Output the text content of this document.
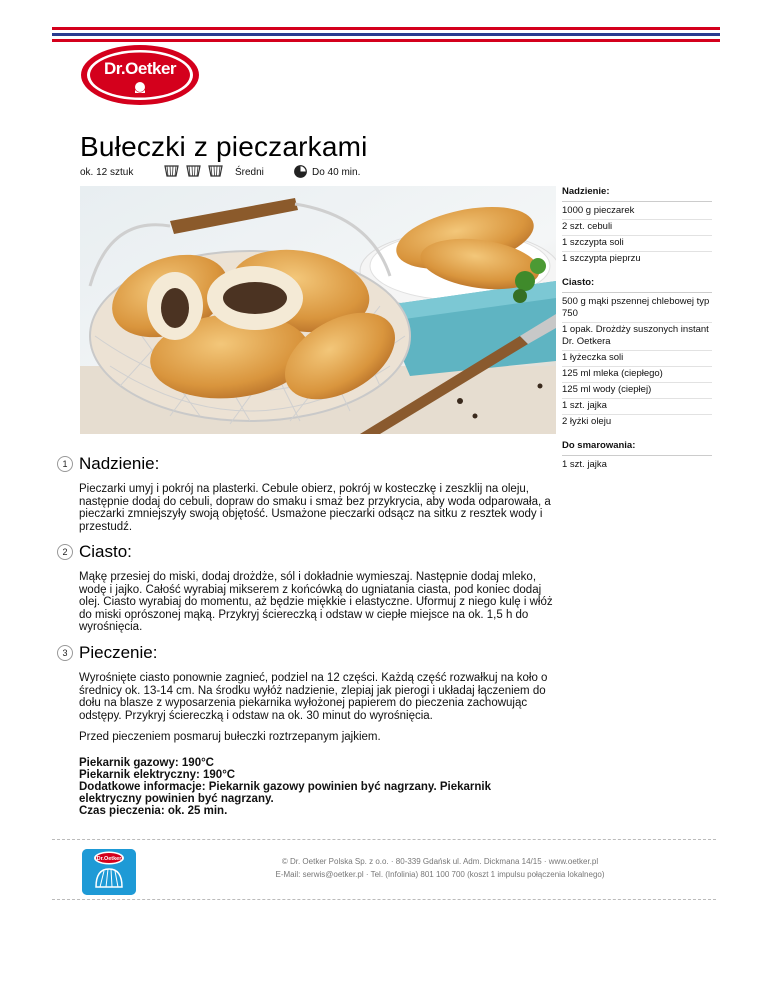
Dr.Oetker
Bułeczki z pieczarkami
ok. 12 sztuk	Średni	Do 40 min.
Nadzienie:
1000 g pieczarek
2 szt. cebuli
1 szczypta soli
1 szczypta pieprzu
Ciasto:
500 g mąki pszennej chlebowej typ 750
1 opak. Drożdży suszonych instant Dr. Oetkera
1 łyżeczka soli
125 ml mleka (ciepłego)
125 ml wody (ciepłej)
1 szt. jajka
2 łyżki oleju
Do smarowania:
1 szt. jajka
1 Nadzienie:

Pieczarki umyj i pokrój na plasterki. Cebule obierz, pokrój w kosteczkę i zeszklij na oleju, następnie dodaj do cebuli, dopraw do smaku i smaż bez przykrycia, aby woda odparowała, a pieczarki zmniejszyły swoją objętość. Usmażone pieczarki odsącz na sitku z resztek wody i przestudź.

2 Ciasto:

Mąkę przesiej do miski, dodaj drożdże, sól i dokładnie wymieszaj. Następnie dodaj mleko, wodę i jajko. Całość wyrabiaj mikserem z końcówką do ugniatania ciasta, pod koniec dodaj olej. Ciasto wyrabiaj do momentu, aż będzie miękkie i elastyczne. Uformuj z niego kulę i włóż do miski oprószonej mąką. Przykryj ściereczką i odstaw w ciepłe miejsce na ok. 1,5 h do wyrośnięcia.

3 Pieczenie:

Wyrośnięte ciasto ponownie zagnieć, podziel na 12 części. Każdą część rozwałkuj na koło o średnicy ok. 13-14 cm. Na środku wyłóż nadzienie, zlepiaj jak pierogi i układaj łączeniem do dołu na blasze z wyposarzenia piekarnika wyłożonej papierem do pieczenia zachowując odstępy. Przykryj ściereczką i odstaw na ok. 30 minut do wyrośnięcia.

Przed pieczeniem posmaruj bułeczki roztrzepanym jajkiem.

Piekarnik gazowy: 190°C
Piekarnik elektryczny: 190°C
Dodatkowe informacje: Piekarnik gazowy powinien być nagrzany. Piekarnik elektryczny powinien być nagrzany.
Czas pieczenia: ok. 25 min.
Dr.Oetker	© Dr. Oetker Polska Sp. z o.o. · 80-339 Gdańsk ul. Adm. Dickmana 14/15 · www.oetker.pl
E-Mail: serwis@oetker.pl · Tel. (Infolinia) 801 100 700 (koszt 1 impulsu połączenia lokalnego)
